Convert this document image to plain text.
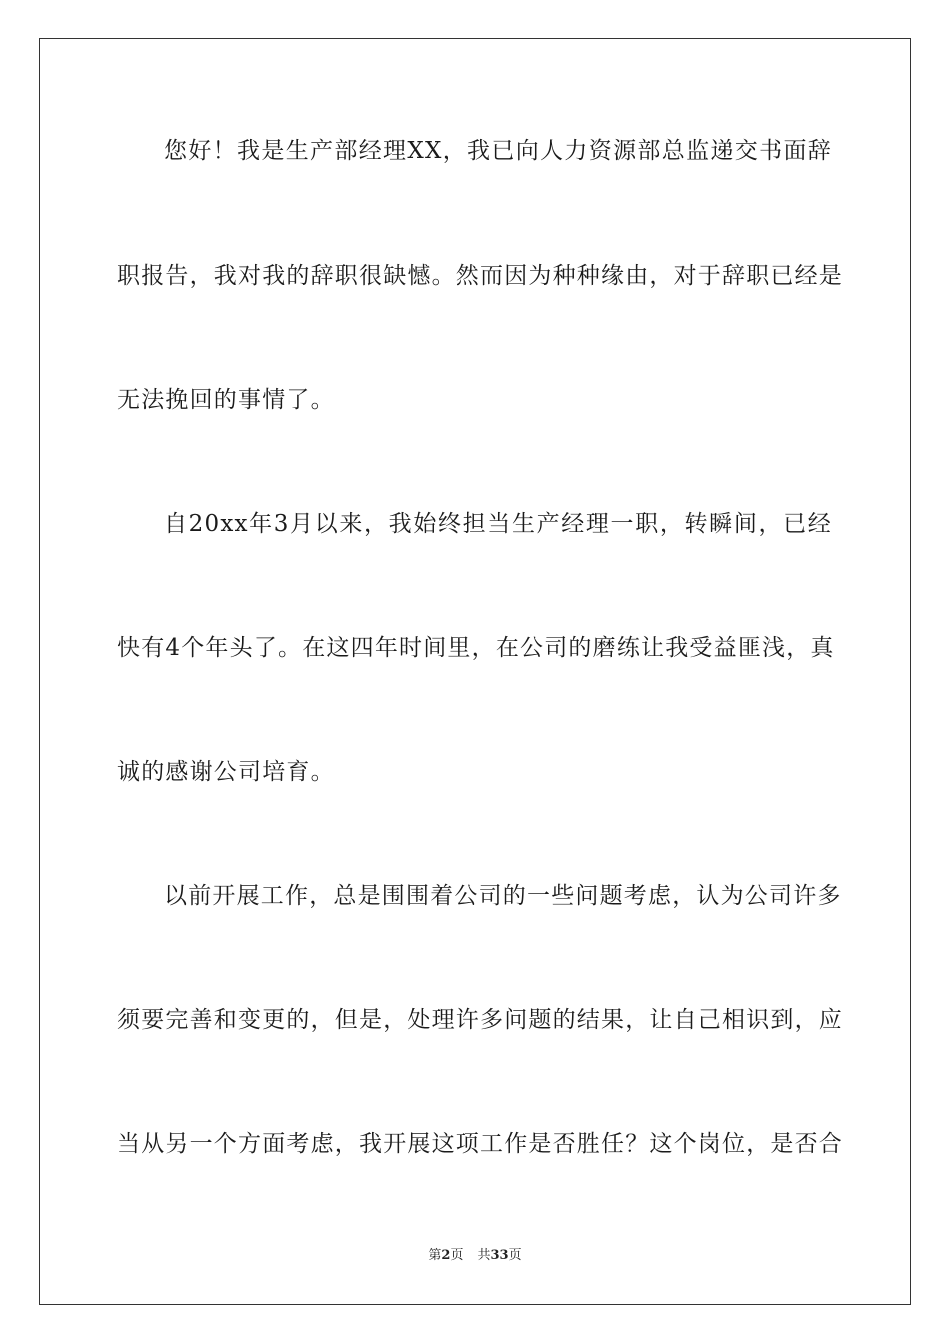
您好！我是生产部经理XX，我已向人力资源部总监递交书面辞
职报告，我对我的辞职很缺憾。然而因为种种缘由，对于辞职已经是
无法挽回的事情了。
自20xx年3月以来，我始终担当生产经理一职，转瞬间，已经
快有4个年头了。在这四年时间里，在公司的磨练让我受益匪浅，真
诚的感谢公司培育。
以前开展工作，总是围围着公司的一些问题考虑，认为公司许多
须要完善和变更的，但是，处理许多问题的结果，让自己相识到，应
当从另一个方面考虑，我开展这项工作是否胜任？这个岗位，是否合
第2页 共33页
